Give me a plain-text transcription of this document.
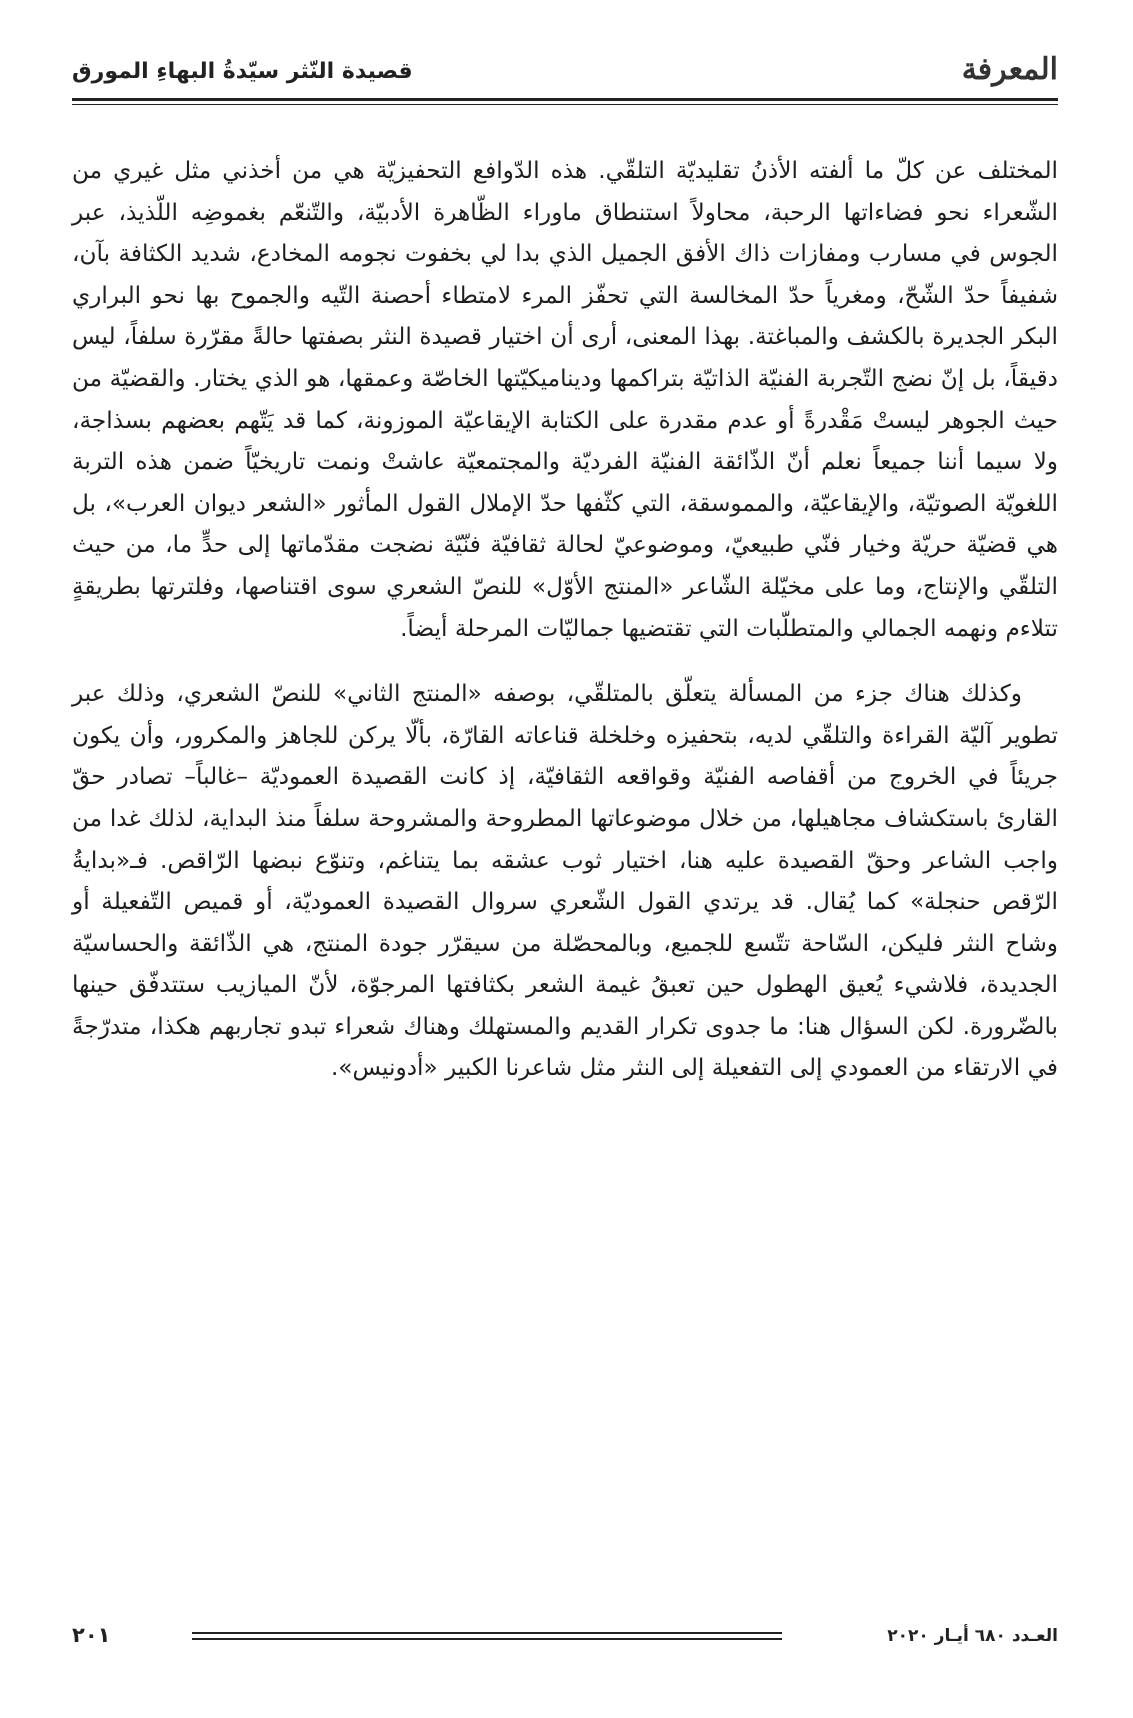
المعرفة
قصيدة النّثر سيّدةُ البهاءِ المورق

المختلف عن كلّ ما ألفته الأذنُ تقليديّة التلقّي. هذه الدّوافع التحفيزيّة هي من أخذني مثل غيري من الشّعراء نحو فضاءاتها الرحبة، محاولاً استنطاق ماوراء الظّاهرة الأدبيّة، والتّنعّم بغموضِه اللّذيذ، عبر الجوس في مسارب ومفازات ذاك الأفق الجميل الذي بدا لي بخفوت نجومه المخادع، شديد الكثافة بآن، شفيفاً حدّ الشّحّ، ومغرياً حدّ المخالسة التي تحفّز المرء لامتطاء أحصنة التّيه والجموح بها نحو البراري البكر الجديرة بالكشف والمباغتة. بهذا المعنى، أرى أن اختيار قصيدة النثر بصفتها حالةً مقرّرة سلفاً، ليس دقيقاً، بل إنّ نضج التّجربة الفنيّة الذاتيّة بتراكمها وديناميكيّتها الخاصّة وعمقها، هو الذي يختار. والقضيّة من حيث الجوهر ليستْ مَقْدرةً أو عدم مقدرة على الكتابة الإيقاعيّة الموزونة، كما قد يَتّهم بعضهم بسذاجة، ولا سيما أننا جميعاً نعلم أنّ الذّائقة الفنيّة الفرديّة والمجتمعيّة عاشتْ ونمت تاريخيّاً ضمن هذه التربة اللغويّة الصوتيّة، والإيقاعيّة، والمموسقة، التي كثّفها حدّ الإملال القول المأثور «الشعر ديوان العرب»، بل هي قضيّة حريّة وخيار فنّي طبيعيّ، وموضوعيّ لحالة ثقافيّة فنّيّة نضجت مقدّماتها إلى حدٍّ ما، من حيث التلقّي والإنتاج، وما على مخيّلة الشّاعر «المنتج الأوّل» للنصّ الشعري سوى اقتناصها، وفلترتها بطريقةٍ تتلاءم ونهمه الجمالي والمتطلّبات التي تقتضيها جماليّات المرحلة أيضاً.

وكذلك هناك جزء من المسألة يتعلّق بالمتلقّي، بوصفه «المنتج الثاني» للنصّ الشعري، وذلك عبر تطوير آليّة القراءة والتلقّي لديه، بتحفيزه وخلخلة قناعاته القارّة، بألّا يركن للجاهز والمكرور، وأن يكون جريئاً في الخروج من أقفاصه الفنيّة وقواقعه الثقافيّة، إذ كانت القصيدة العموديّة –غالباً– تصادر حقّ القارئ باستكشاف مجاهيلها، من خلال موضوعاتها المطروحة والمشروحة سلفاً منذ البداية، لذلك غدا من واجب الشاعر وحقّ القصيدة عليه هنا، اختيار ثوب عشقه بما يتناغم، وتنوّع نبضها الرّاقص. فـ«بدايةُ الرّقص حنجلة» كما يُقال. قد يرتدي القول الشّعري سروال القصيدة العموديّة، أو قميص التّفعيلة أو وشاح النثر فليكن، السّاحة تتّسع للجميع، وبالمحصّلة من سيقرّر جودة المنتج، هي الذّائقة والحساسيّة الجديدة، فلاشيء يُعيق الهطول حين تعبقُ غيمة الشعر بكثافتها المرجوّة، لأنّ الميازيب ستتدفّق حينها بالضّرورة. لكن السؤال هنا: ما جدوى تكرار القديم والمستهلك وهناك شعراء تبدو تجاربهم هكذا، متدرّجةً في الارتقاء من العمودي إلى التفعيلة إلى النثر مثل شاعرنا الكبير «أدونيس».

العـدد ٦٨٠ أيـار ٢٠٢٠
٢٠١
